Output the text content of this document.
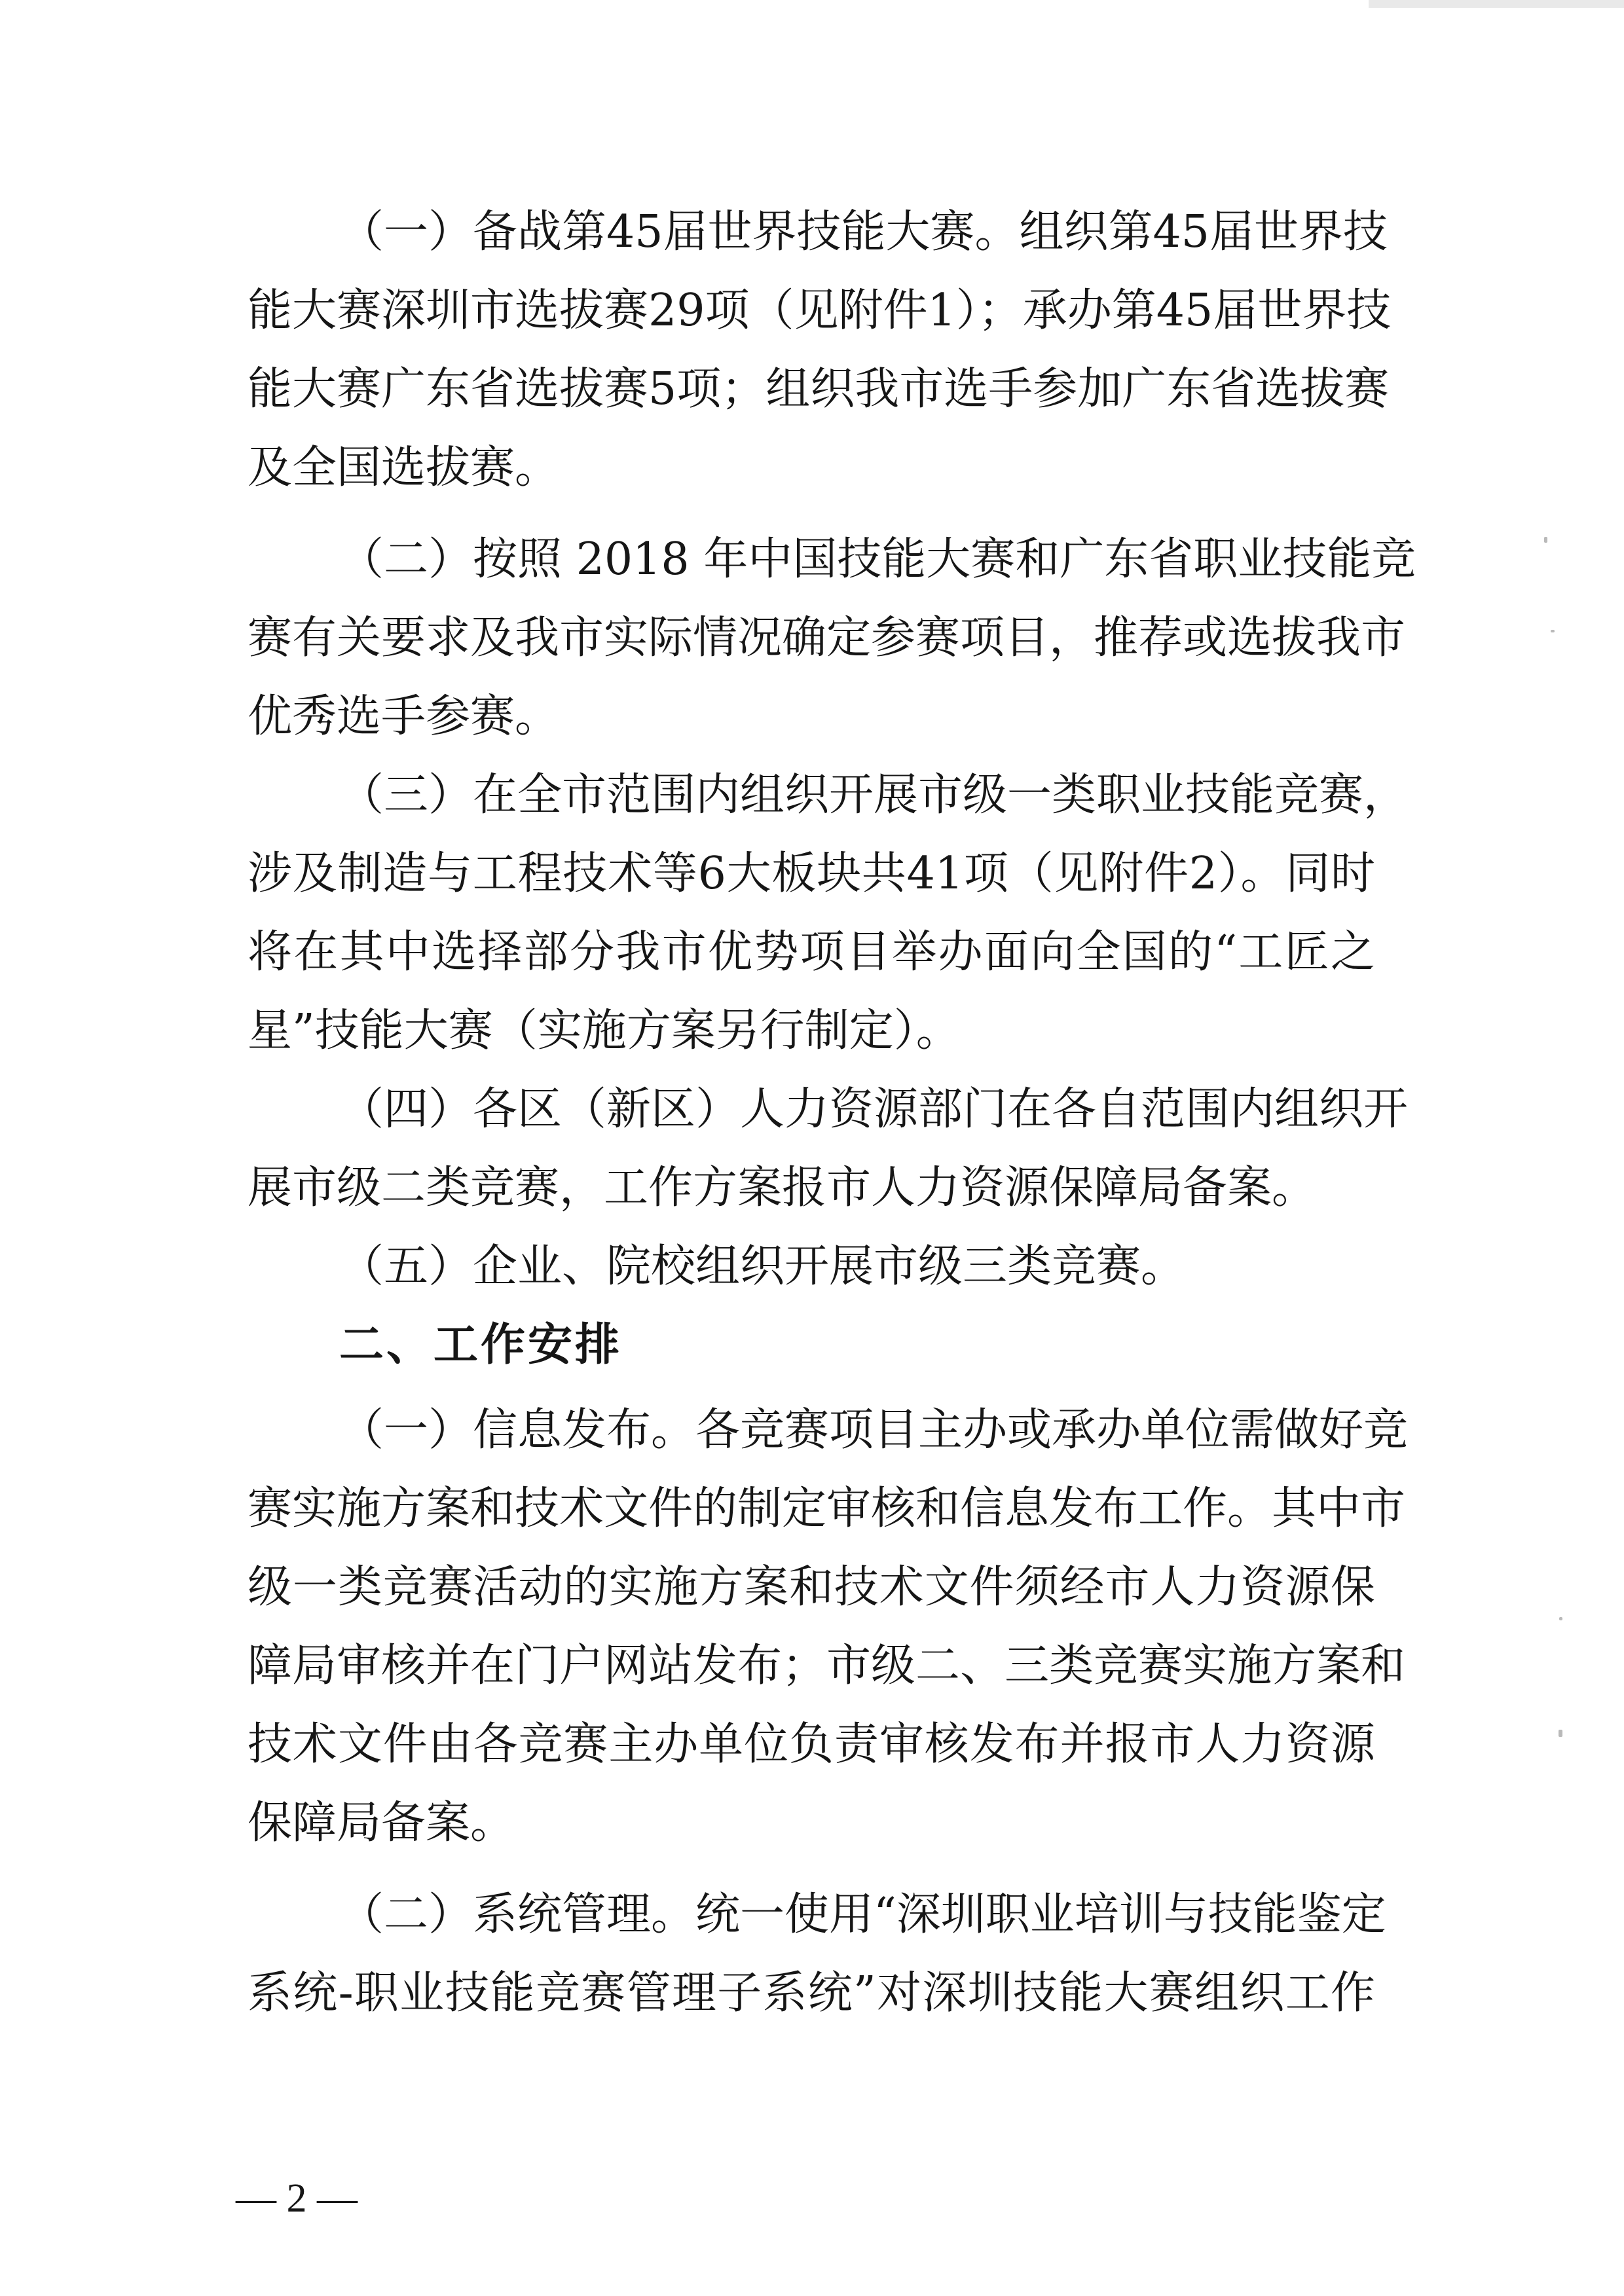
（一）备战第45届世界技能大赛。组织第45届世界技
能大赛深圳市选拔赛29项（见附件1）；承办第45届世界技
能大赛广东省选拔赛5项；组织我市选手参加广东省选拔赛
及全国选拔赛。
（二）按照 2018 年中国技能大赛和广东省职业技能竞
赛有关要求及我市实际情况确定参赛项目，推荐或选拔我市
优秀选手参赛。
（三）在全市范围内组织开展市级一类职业技能竞赛，
涉及制造与工程技术等6大板块共41项（见附件2）。同时
将在其中选择部分我市优势项目举办面向全国的“工匠之
星”技能大赛（实施方案另行制定）。
（四）各区（新区）人力资源部门在各自范围内组织开
展市级二类竞赛，工作方案报市人力资源保障局备案。
（五）企业、院校组织开展市级三类竞赛。
二、工作安排
（一）信息发布。各竞赛项目主办或承办单位需做好竞
赛实施方案和技术文件的制定审核和信息发布工作。其中市
级一类竞赛活动的实施方案和技术文件须经市人力资源保
障局审核并在门户网站发布；市级二、三类竞赛实施方案和
技术文件由各竞赛主办单位负责审核发布并报市人力资源
保障局备案。
（二）系统管理。统一使用“深圳职业培训与技能鉴定
系统-职业技能竞赛管理子系统”对深圳技能大赛组织工作
— 2 —
